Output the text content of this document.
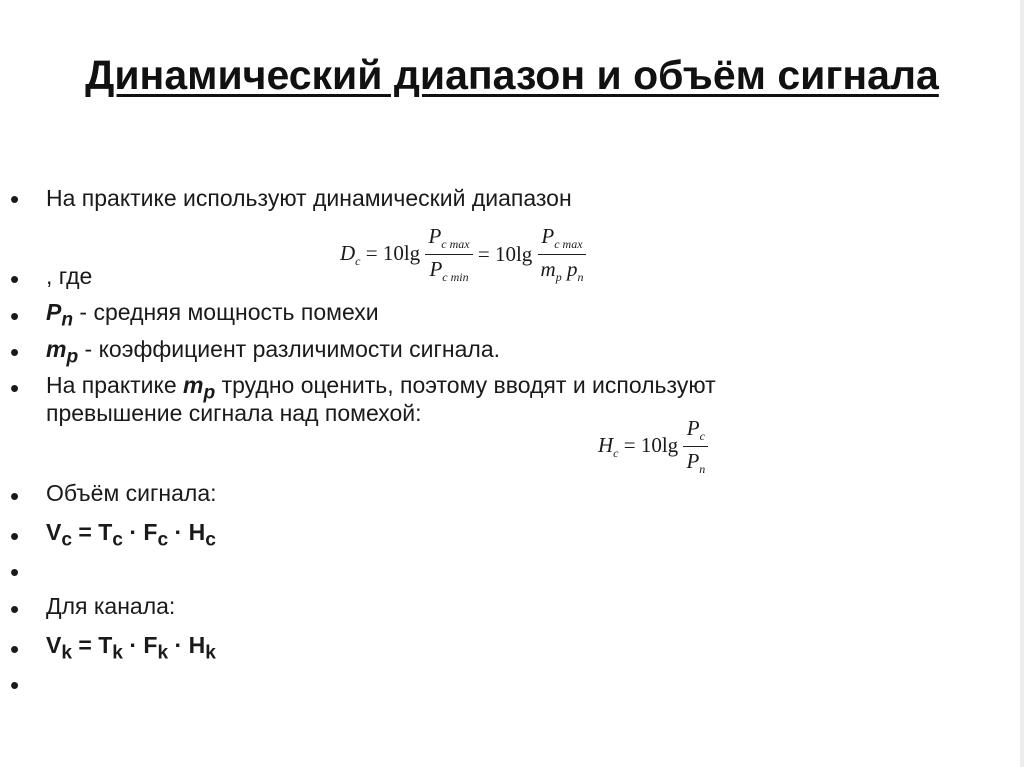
Динамический диапазон и объём сигнала
•
•
•
•
•
•
•
•
•
•
•
На практике используют динамический диапазон
, где
$P_n$ - средняя мощность помехи
$m_p$ - коэффициент различимости сигнала.
На практике $m_p$ трудно оценить, поэтому вводят и используют
превышение сигнала над помехой:
$D_c = 10\lg \frac{P_{c max}}{P_{c min}} = 10\lg \frac{P_{c max}}{m_p p_n}$
$H_c = 10\lg \frac{P_c}{P_n}$
Объём сигнала:
$V_c = T_c \cdot F_c \cdot H_c$
Для канала:
$V_k = T_k \cdot F_k \cdot H_k$
